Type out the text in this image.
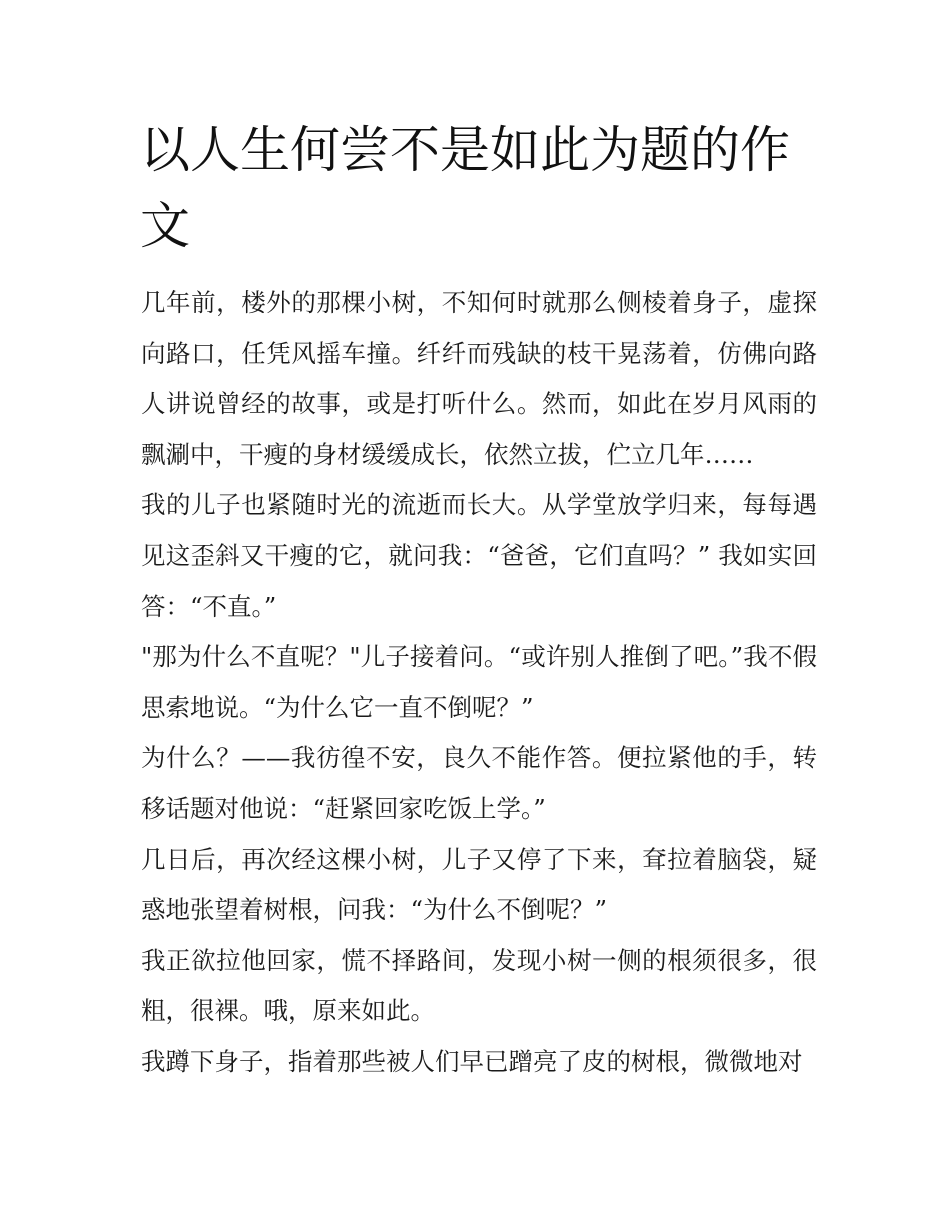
以人生何尝不是如此为题的作文

几年前，楼外的那棵小树，不知何时就那么侧棱着身子，虚探向路口，任凭风摇车撞。纤纤而残缺的枝干晃荡着，仿佛向路人讲说曾经的故事，或是打听什么。然而，如此在岁月风雨的飘涮中，干瘦的身材缓缓成长，依然立拔，伫立几年……

我的儿子也紧随时光的流逝而长大。从学堂放学归来，每每遇见这歪斜又干瘦的它，就问我：“爸爸，它们直吗？” 我如实回答：“不直。”

"那为什么不直呢？"儿子接着问。“或许别人推倒了吧。”我不假思索地说。“为什么它一直不倒呢？”

为什么？——我彷徨不安，良久不能作答。便拉紧他的手，转移话题对他说：“赶紧回家吃饭上学。”

几日后，再次经这棵小树，儿子又停了下来，耷拉着脑袋，疑惑地张望着树根，问我：“为什么不倒呢？”

我正欲拉他回家，慌不择路间，发现小树一侧的根须很多，很粗，很裸。哦，原来如此。

我蹲下身子，指着那些被人们早已蹭亮了皮的树根，微微地对
